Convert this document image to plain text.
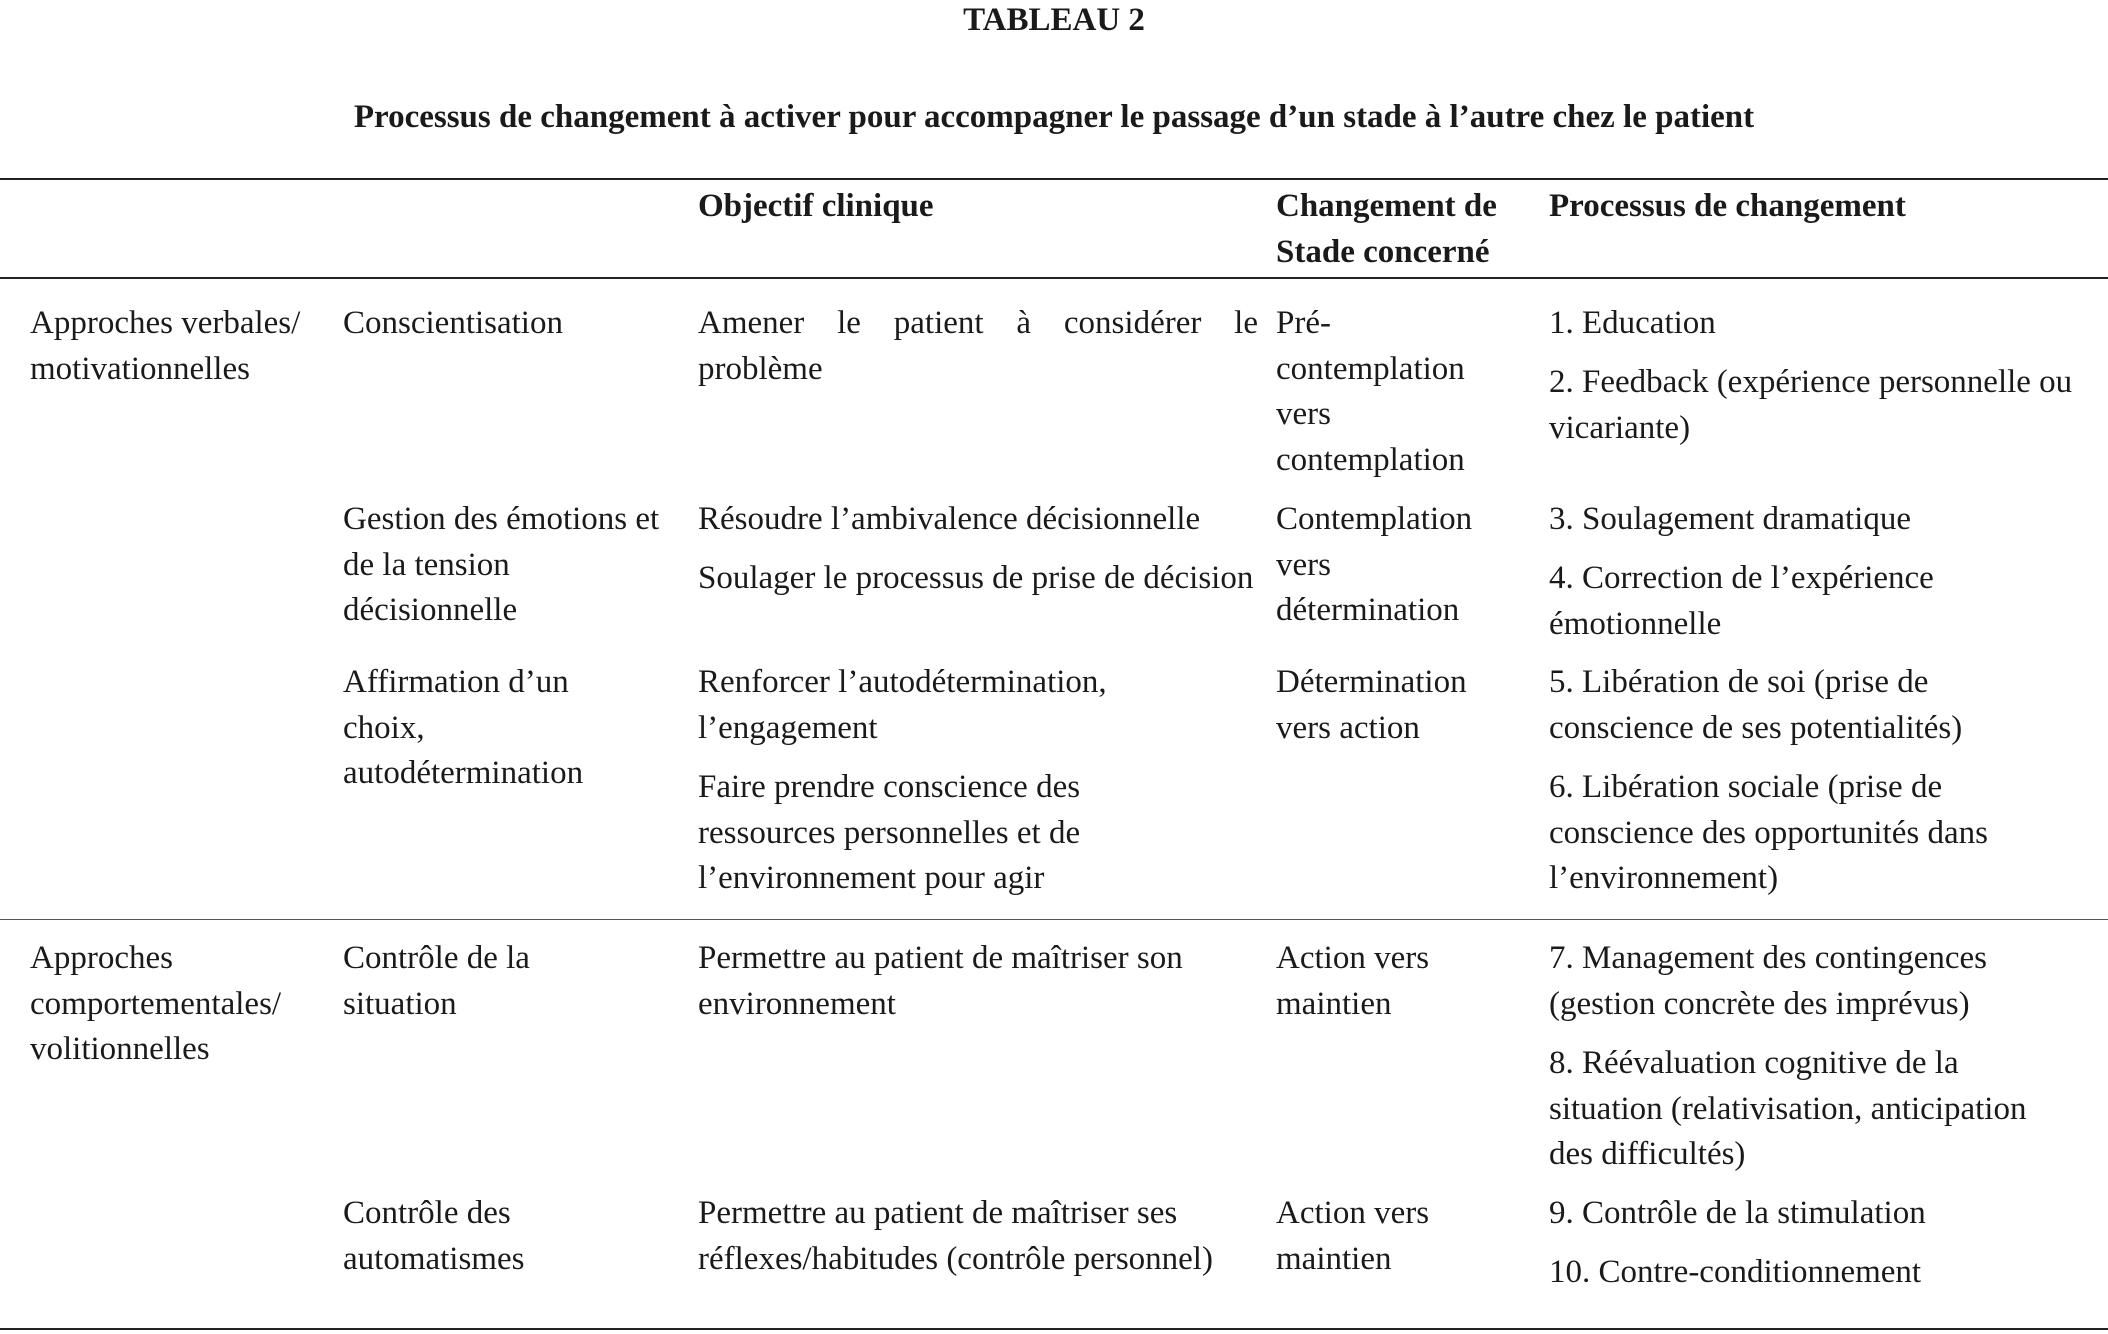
TABLEAU 2
Processus de changement à activer pour accompagner le passage d’un stade à l’autre chez le patient
Objectif clinique	Changement de Stade concerné
Processus de changement
Approches verbales/ motivationnelles
Conscientisation	Amener le patient à considérer le problème
Pré-contemplation vers contemplation
1. Education
2. Feedback (expérience personnelle ou vicariante)
Gestion des émotions et de la tension décisionnelle
Résoudre l’ambivalence décisionnelle
Soulager le processus de prise de décision
Contemplation vers détermination
3. Soulagement dramatique
4. Correction de l’expérience émotionnelle
Affirmation d’un choix, autodétermination
Renforcer l’autodétermination, l’engagement
Faire prendre conscience des ressources personnelles et de l’environnement pour agir
Détermination vers action
5. Libération de soi (prise de conscience de ses potentialités)
6. Libération sociale (prise de conscience des opportunités dans l’environnement)
Approches comportementales/ volitionnelles
Contrôle de la situation
Permettre au patient de maîtriser son environnement
Action vers maintien
7. Management des contingences (gestion concrète des imprévus)
8. Réévaluation cognitive de la situation (relativisation, anticipation des difficultés)
Contrôle des automatismes
Permettre au patient de maîtriser ses réflexes/habitudes (contrôle personnel)
Action vers maintien
9. Contrôle de la stimulation
10. Contre-conditionnement
